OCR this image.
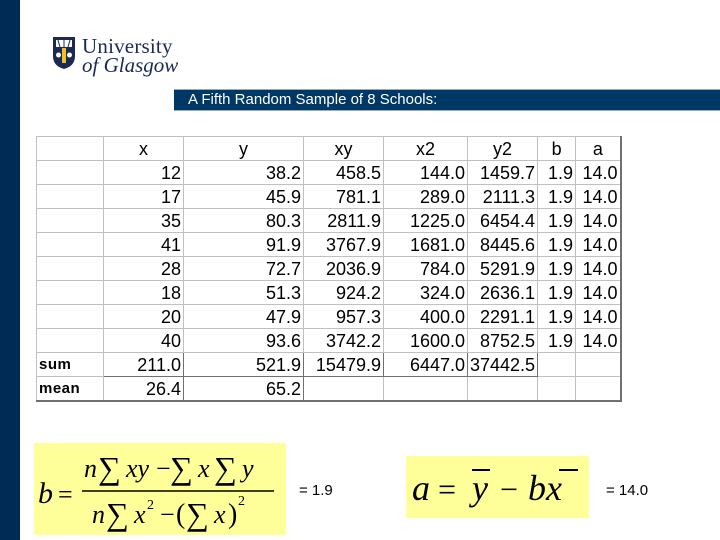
University
of Glasgow
A Fifth Random Sample of 8 Schools:
	x	y	xy	x2	y2	b	a
	12	38.2	458.5	144.0	1459.7	1.9	14.0
	17	45.9	781.1	289.0	2111.3	1.9	14.0
	35	80.3	2811.9	1225.0	6454.4	1.9	14.0
	41	91.9	3767.9	1681.0	8445.6	1.9	14.0
	28	72.7	2036.9	784.0	5291.9	1.9	14.0
	18	51.3	924.2	324.0	2636.1	1.9	14.0
	20	47.9	957.3	400.0	2291.1	1.9	14.0
	40	93.6	3742.2	1600.0	8752.5	1.9	14.0
sum	211.0	521.9	15479.9	6447.0	37442.5		
mean	26.4	65.2					
b =
n ∑ xy − ∑ x ∑ y
n ∑ x 2 − ( ∑ x ) 2
= 1.9 a = y − bx	= 14.0
